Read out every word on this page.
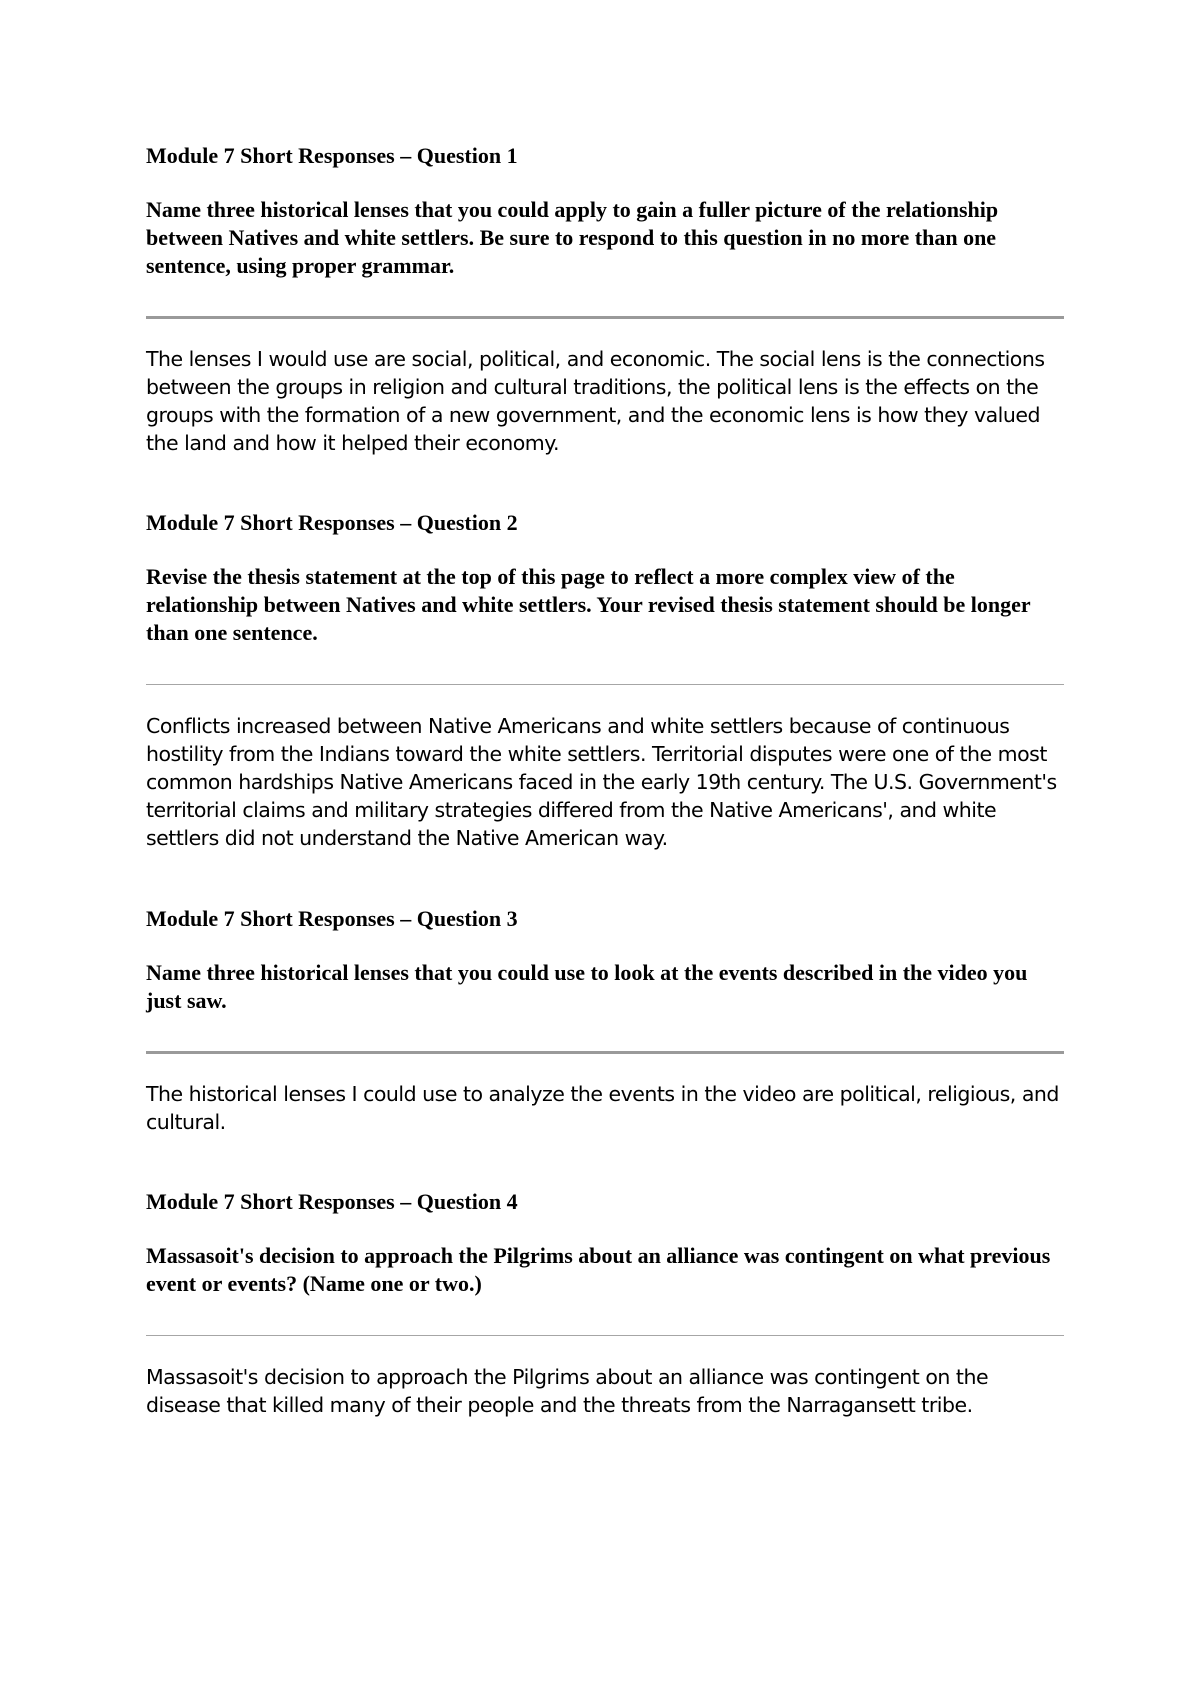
Module 7 Short Responses – Question 1

Name three historical lenses that you could apply to gain a fuller picture of the relationship between Natives and white settlers. Be sure to respond to this question in no more than one sentence, using proper grammar.

The lenses I would use are social, political, and economic. The social lens is the connections between the groups in religion and cultural traditions, the political lens is the effects on the groups with the formation of a new government, and the economic lens is how they valued the land and how it helped their economy.

Module 7 Short Responses – Question 2

Revise the thesis statement at the top of this page to reflect a more complex view of the relationship between Natives and white settlers. Your revised thesis statement should be longer than one sentence.

Conflicts increased between Native Americans and white settlers because of continuous hostility from the Indians toward the white settlers. Territorial disputes were one of the most common hardships Native Americans faced in the early 19th century. The U.S. Government's territorial claims and military strategies differed from the Native Americans', and white settlers did not understand the Native American way.

Module 7 Short Responses – Question 3

Name three historical lenses that you could use to look at the events described in the video you just saw.

The historical lenses I could use to analyze the events in the video are political, religious, and cultural.

Module 7 Short Responses – Question 4

Massasoit's decision to approach the Pilgrims about an alliance was contingent on what previous event or events? (Name one or two.)

Massasoit's decision to approach the Pilgrims about an alliance was contingent on the disease that killed many of their people and the threats from the Narragansett tribe.
